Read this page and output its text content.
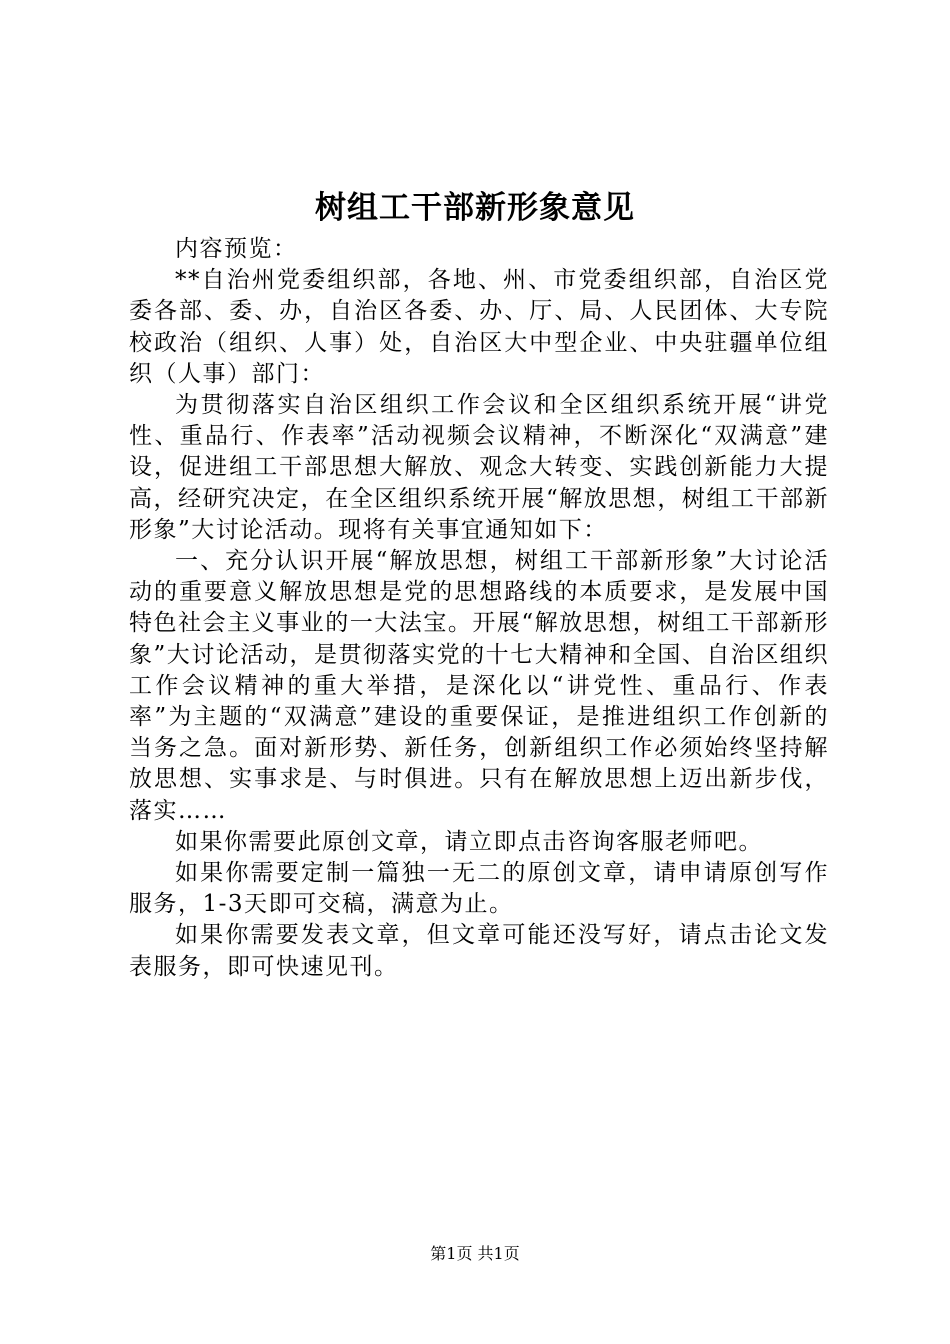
树组工干部新形象意见

内容预览：

**自治州党委组织部，各地、州、市党委组织部，自治区党委各部、委、办，自治区各委、办、厅、局、人民团体、大专院校政治（组织、人事）处，自治区大中型企业、中央驻疆单位组织（人事）部门：

为贯彻落实自治区组织工作会议和全区组织系统开展“讲党性、重品行、作表率”活动视频会议精神，不断深化“双满意”建设，促进组工干部思想大解放、观念大转变、实践创新能力大提高，经研究决定，在全区组织系统开展“解放思想，树组工干部新形象”大讨论活动。现将有关事宜通知如下：

一、充分认识开展“解放思想，树组工干部新形象”大讨论活动的重要意义解放思想是党的思想路线的本质要求，是发展中国特色社会主义事业的一大法宝。开展“解放思想，树组工干部新形象”大讨论活动，是贯彻落实党的十七大精神和全国、自治区组织工作会议精神的重大举措，是深化以“讲党性、重品行、作表率”为主题的“双满意”建设的重要保证，是推进组织工作创新的当务之急。面对新形势、新任务，创新组织工作必须始终坚持解放思想、实事求是、与时俱进。只有在解放思想上迈出新步伐，落实……

如果你需要此原创文章，请立即点击咨询客服老师吧。

如果你需要定制一篇独一无二的原创文章，请申请原创写作服务，1-3天即可交稿，满意为止。

如果你需要发表文章，但文章可能还没写好，请点击论文发表服务，即可快速见刊。

第1页 共1页
